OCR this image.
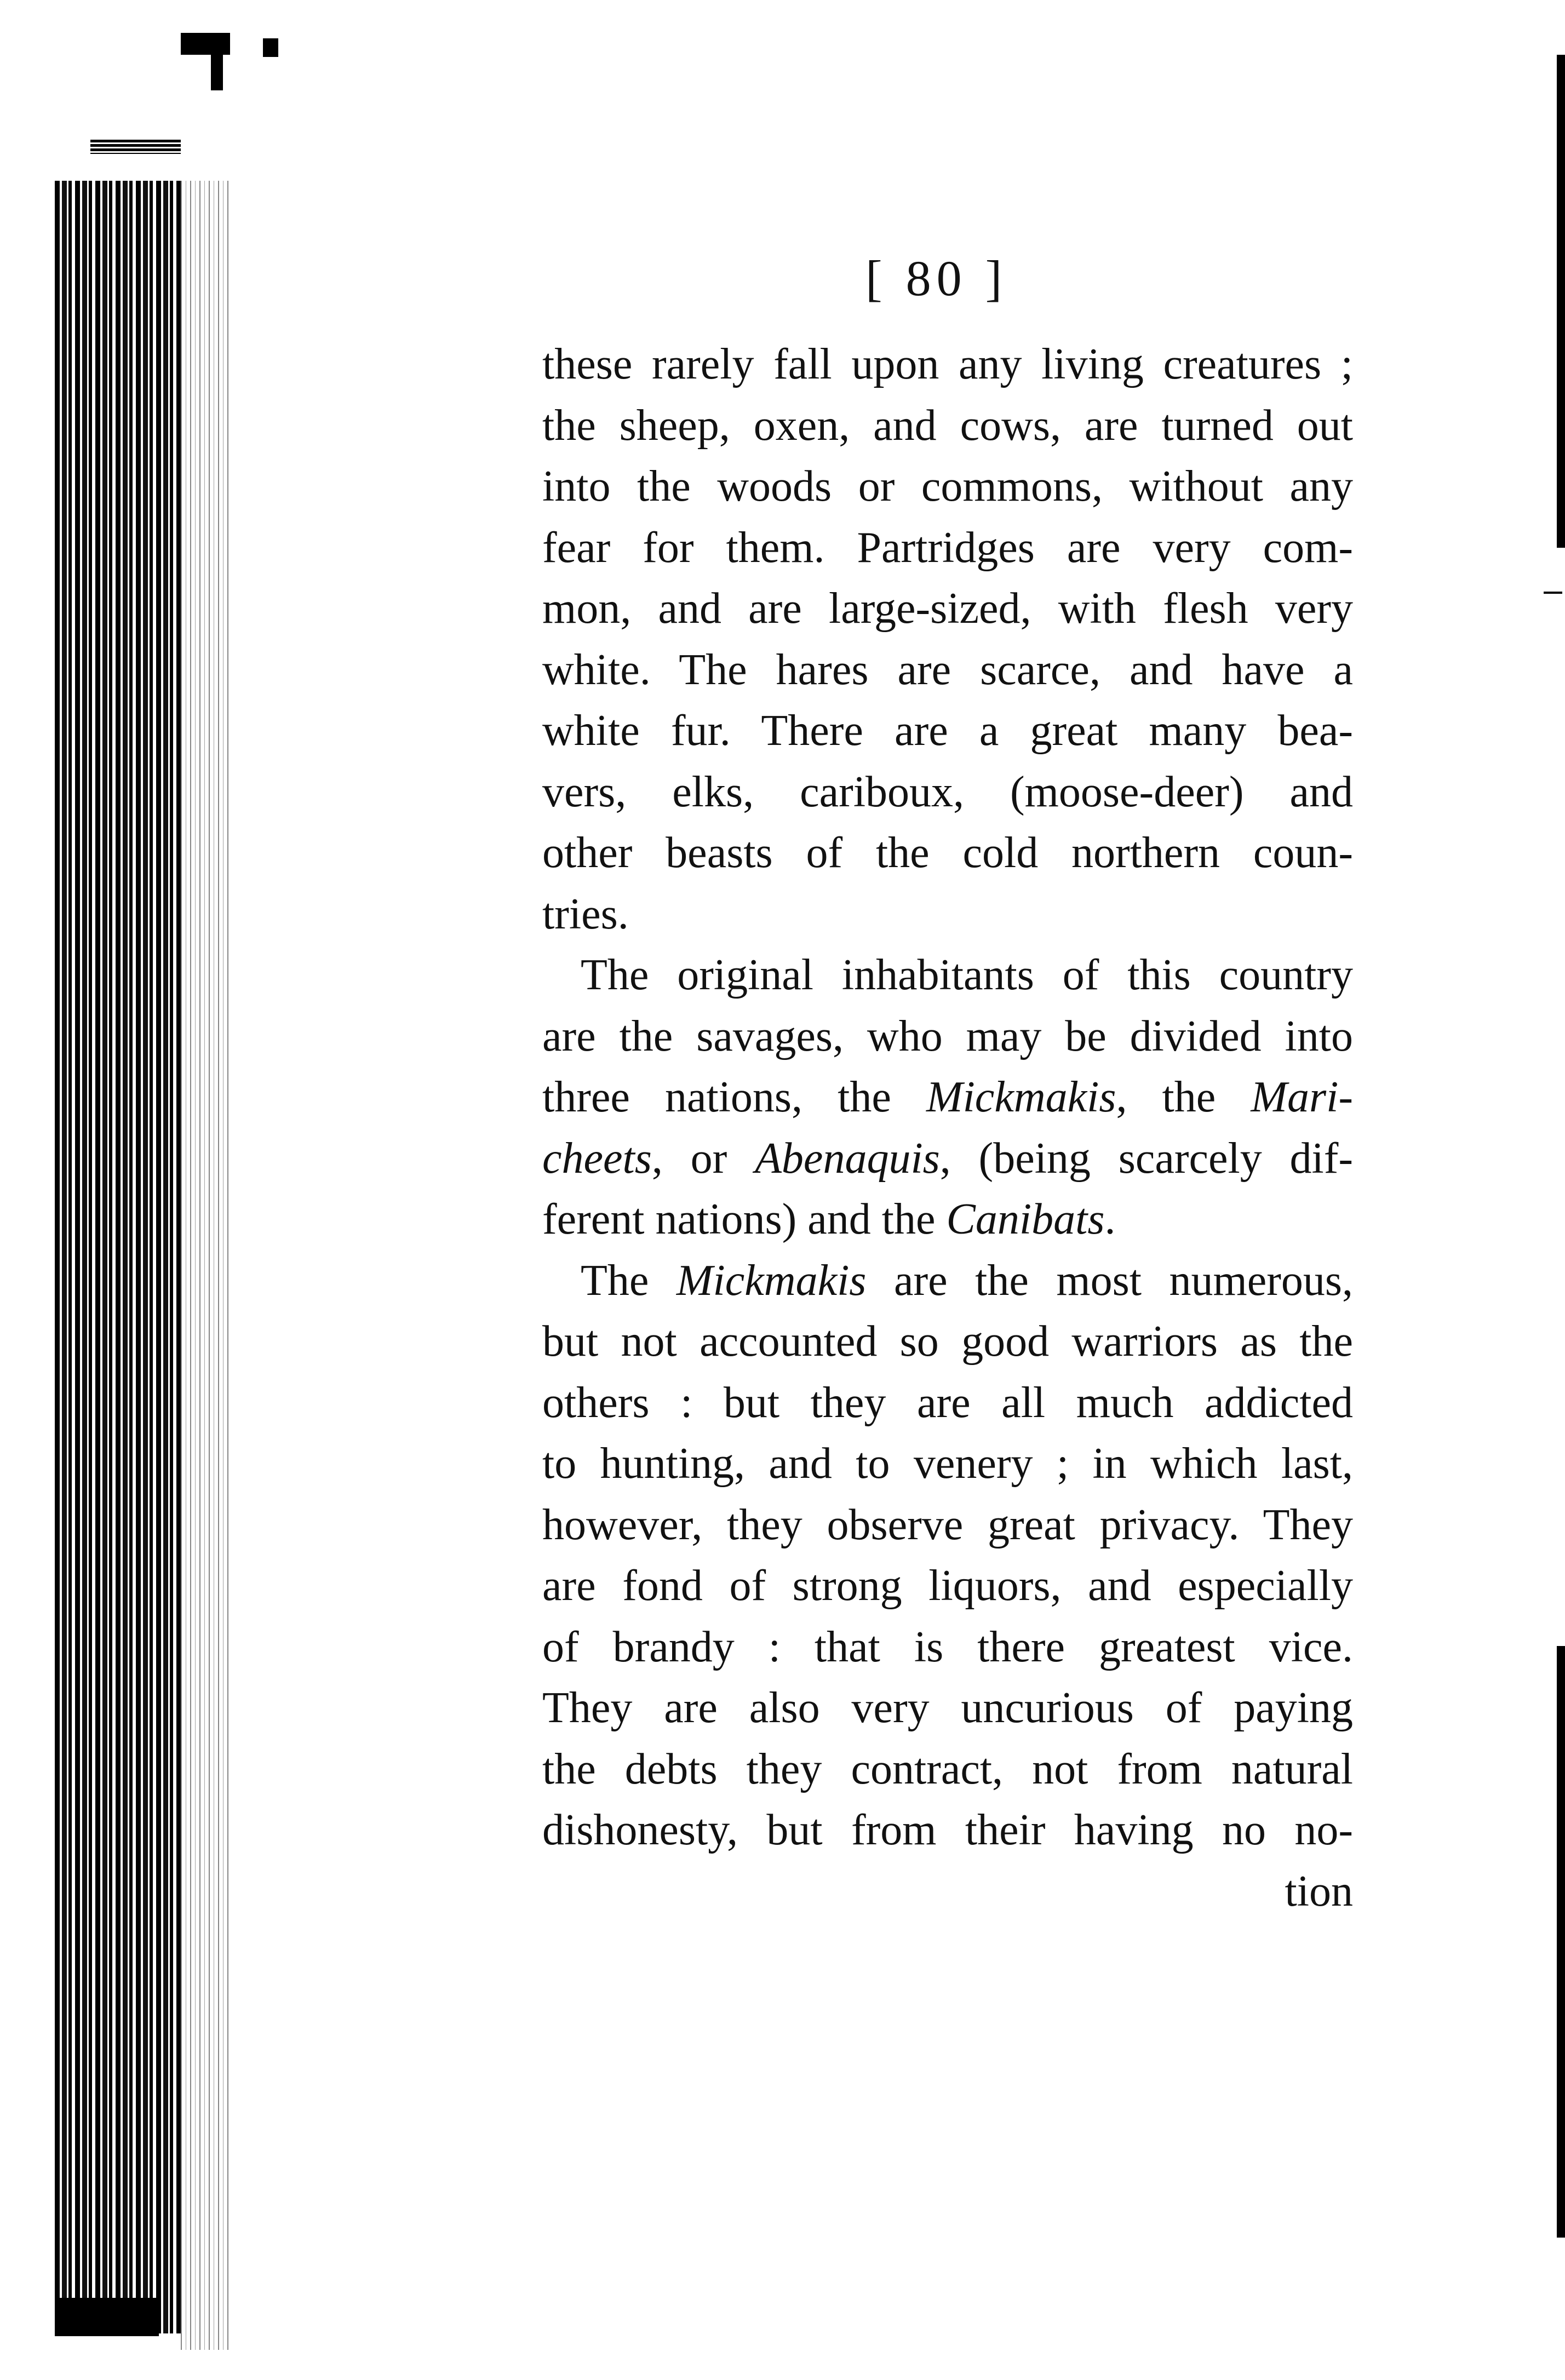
[ 80 ]
these rarely fall upon any living creatures ;
the sheep, oxen, and cows, are turned out
into the woods or commons, without any
fear for them. Partridges are very com-
mon, and are large-sized, with flesh very
white. The hares are scarce, and have a
white fur. There are a great many bea-
vers, elks, cariboux, (moose-deer) and
other beasts of the cold northern coun-
tries.
The original inhabitants of this country
are the savages, who may be divided into
three nations, the Mickmakis, the Mari-
cheets, or Abenaquis, (being scarcely dif-
ferent nations) and the Canibats.
The Mickmakis are the most numerous,
but not accounted so good warriors as the
others : but they are all much addicted
to hunting, and to venery ; in which last,
however, they observe great privacy. They
are fond of strong liquors, and especially
of brandy : that is there greatest vice.
They are also very uncurious of paying
the debts they contract, not from natural
dishonesty, but from their having no no-
tion
